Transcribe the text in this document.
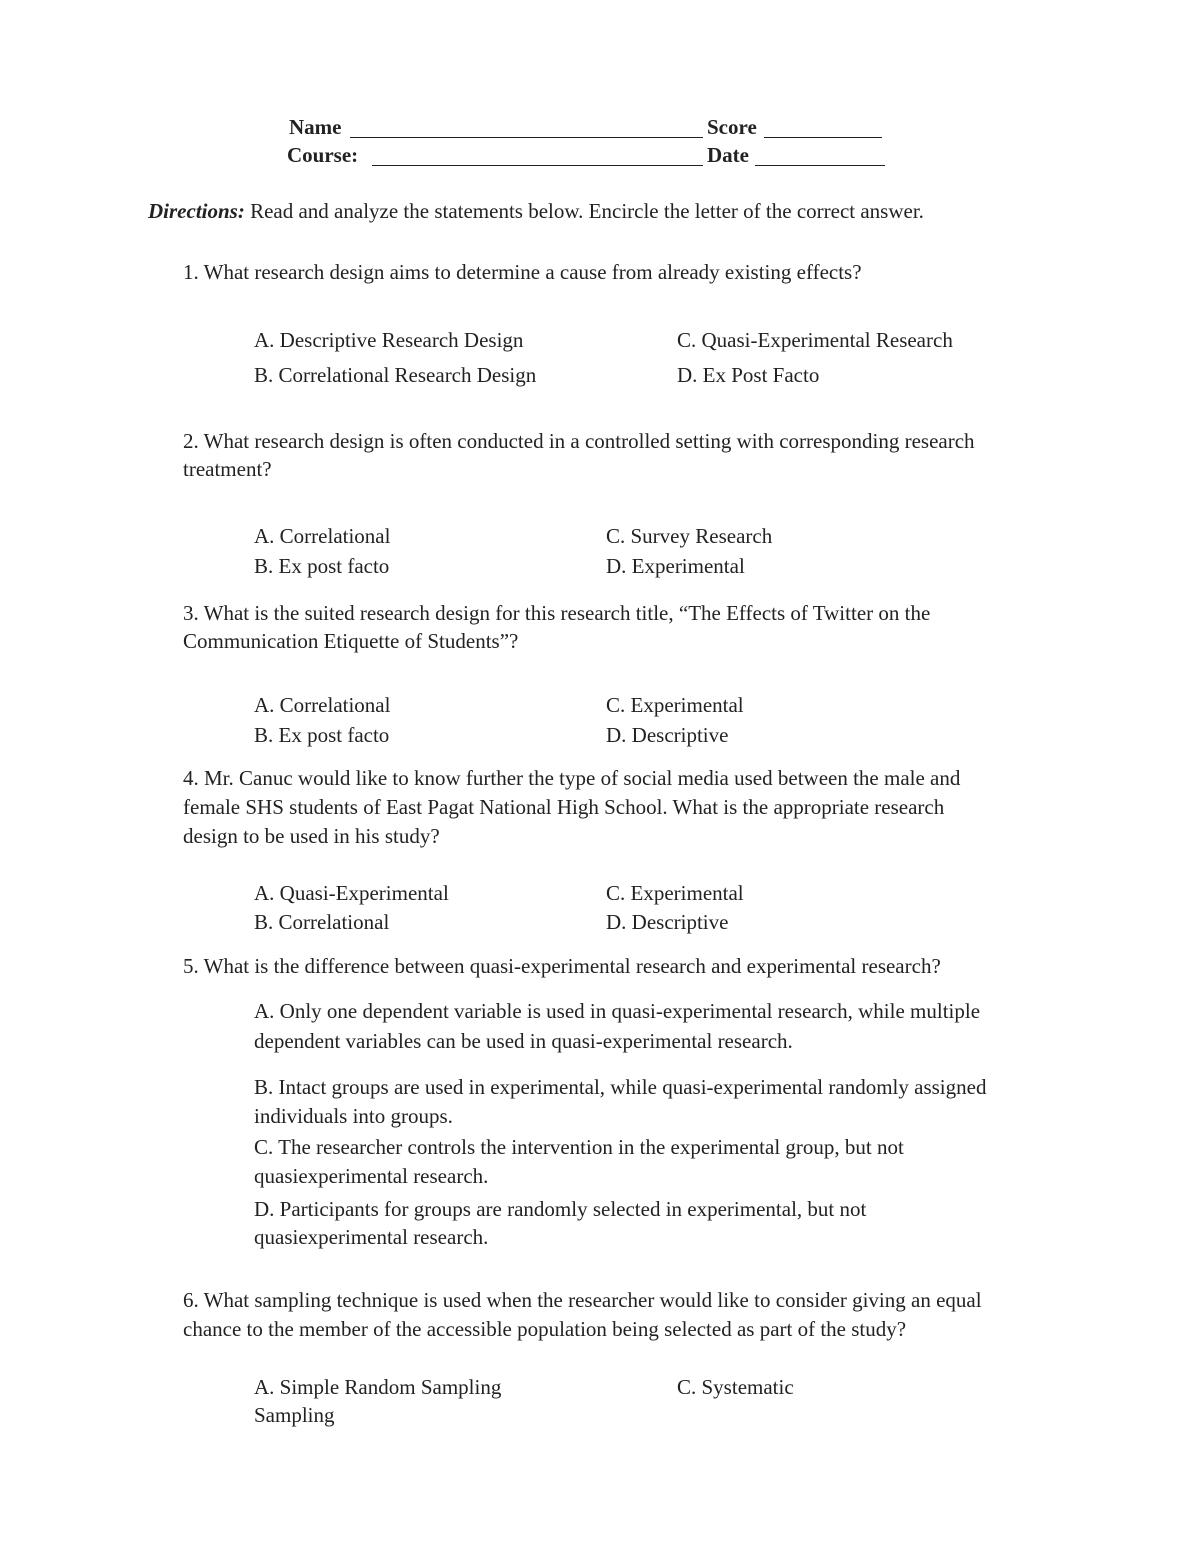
Name	Score
Course:	Date
Directions: Read and analyze the statements below. Encircle the letter of the correct answer.
1. What research design aims to determine a cause from already existing effects?
A. Descriptive Research Design	C. Quasi-Experimental Research
B. Correlational Research Design	D. Ex Post Facto
2. What research design is often conducted in a controlled setting with corresponding research
treatment?
A. Correlational	C. Survey Research
B. Ex post facto	D. Experimental
3. What is the suited research design for this research title, “The Effects of Twitter on the
Communication Etiquette of Students”?
A. Correlational	C. Experimental
B. Ex post facto	D. Descriptive
4. Mr. Canuc would like to know further the type of social media used between the male and
female SHS students of East Pagat National High School. What is the appropriate research
design to be used in his study?
A. Quasi-Experimental	C. Experimental
B. Correlational	D. Descriptive
5. What is the difference between quasi-experimental research and experimental research?
A. Only one dependent variable is used in quasi-experimental research, while multiple
dependent variables can be used in quasi-experimental research.
B. Intact groups are used in experimental, while quasi-experimental randomly assigned
individuals into groups.
C. The researcher controls the intervention in the experimental group, but not
quasiexperimental research.
D. Participants for groups are randomly selected in experimental, but not
quasiexperimental research.
6. What sampling technique is used when the researcher would like to consider giving an equal
chance to the member of the accessible population being selected as part of the study?
A. Simple Random Sampling	C. Systematic
Sampling
